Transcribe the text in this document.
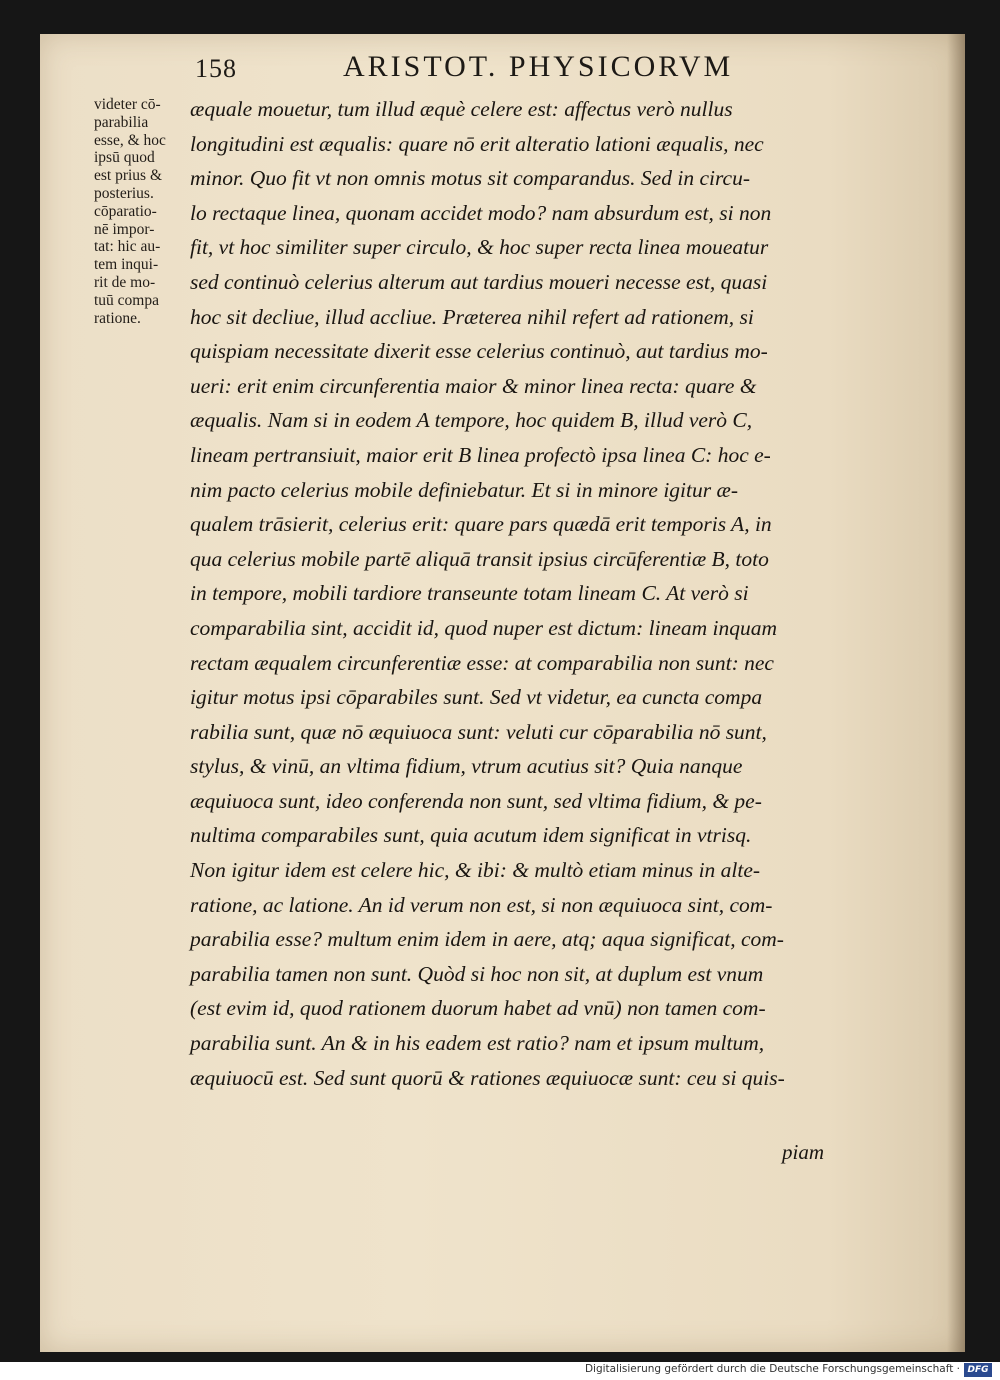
158	ARISTOT. PHYSICORVM
videter cō-
parabilia
esse, & hoc
ipsū quod
est prius &
posterius.
cōparatio-
nē impor-
tat: hic au-
tem inqui-
rit de mo-
tuū compa
ratione.
æquale mouetur, tum illud æquè celere est: affectus verò nullus
longitudini est æqualis: quare nō erit alteratio lationi æqualis, nec
minor. Quo fit vt non omnis motus sit comparandus. Sed in circu-
lo rectaque linea, quonam accidet modo? nam absurdum est, si non
fit, vt hoc similiter super circulo, & hoc super recta linea moueatur
sed continuò celerius alterum aut tardius moueri necesse est, quasi
hoc sit decliue, illud accliue. Præterea nihil refert ad rationem, si
quispiam necessitate dixerit esse celerius continuò, aut tardius mo-
ueri: erit enim circunferentia maior & minor linea recta: quare &
æqualis. Nam si in eodem A tempore, hoc quidem B, illud verò C,
lineam pertransiuit, maior erit B linea profectò ipsa linea C: hoc e-
nim pacto celerius mobile definiebatur. Et si in minore igitur æ-
qualem trāsierit, celerius erit: quare pars quædā erit temporis A, in
qua celerius mobile partē aliquā transit ipsius circūferentiæ B, toto
in tempore, mobili tardiore transeunte totam lineam C. At verò si
comparabilia sint, accidit id, quod nuper est dictum: lineam inquam
rectam æqualem circunferentiæ esse: at comparabilia non sunt: nec
igitur motus ipsi cōparabiles sunt. Sed vt videtur, ea cuncta compa
rabilia sunt, quæ nō æquiuoca sunt: veluti cur cōparabilia nō sunt,
stylus, & vinū, an vltima fidium, vtrum acutius sit? Quia nanque
æquiuoca sunt, ideo conferenda non sunt, sed vltima fidium, & pe-
nultima comparabiles sunt, quia acutum idem significat in vtrisq.
Non igitur idem est celere hic, & ibi: & multò etiam minus in alte-
ratione, ac latione. An id verum non est, si non æquiuoca sint, com-
parabilia esse? multum enim idem in aere, atq; aqua significat, com-
parabilia tamen non sunt. Quòd si hoc non sit, at duplum est vnum
(est evim id, quod rationem duorum habet ad vnū) non tamen com-
parabilia sunt. An & in his eadem est ratio? nam et ipsum multum,
æquiuocū est. Sed sunt quorū & rationes æquiuocæ sunt: ceu si quis-
piam
Digitalisierung gefördert durch die Deutsche Forschungsgemeinschaft · DFG
